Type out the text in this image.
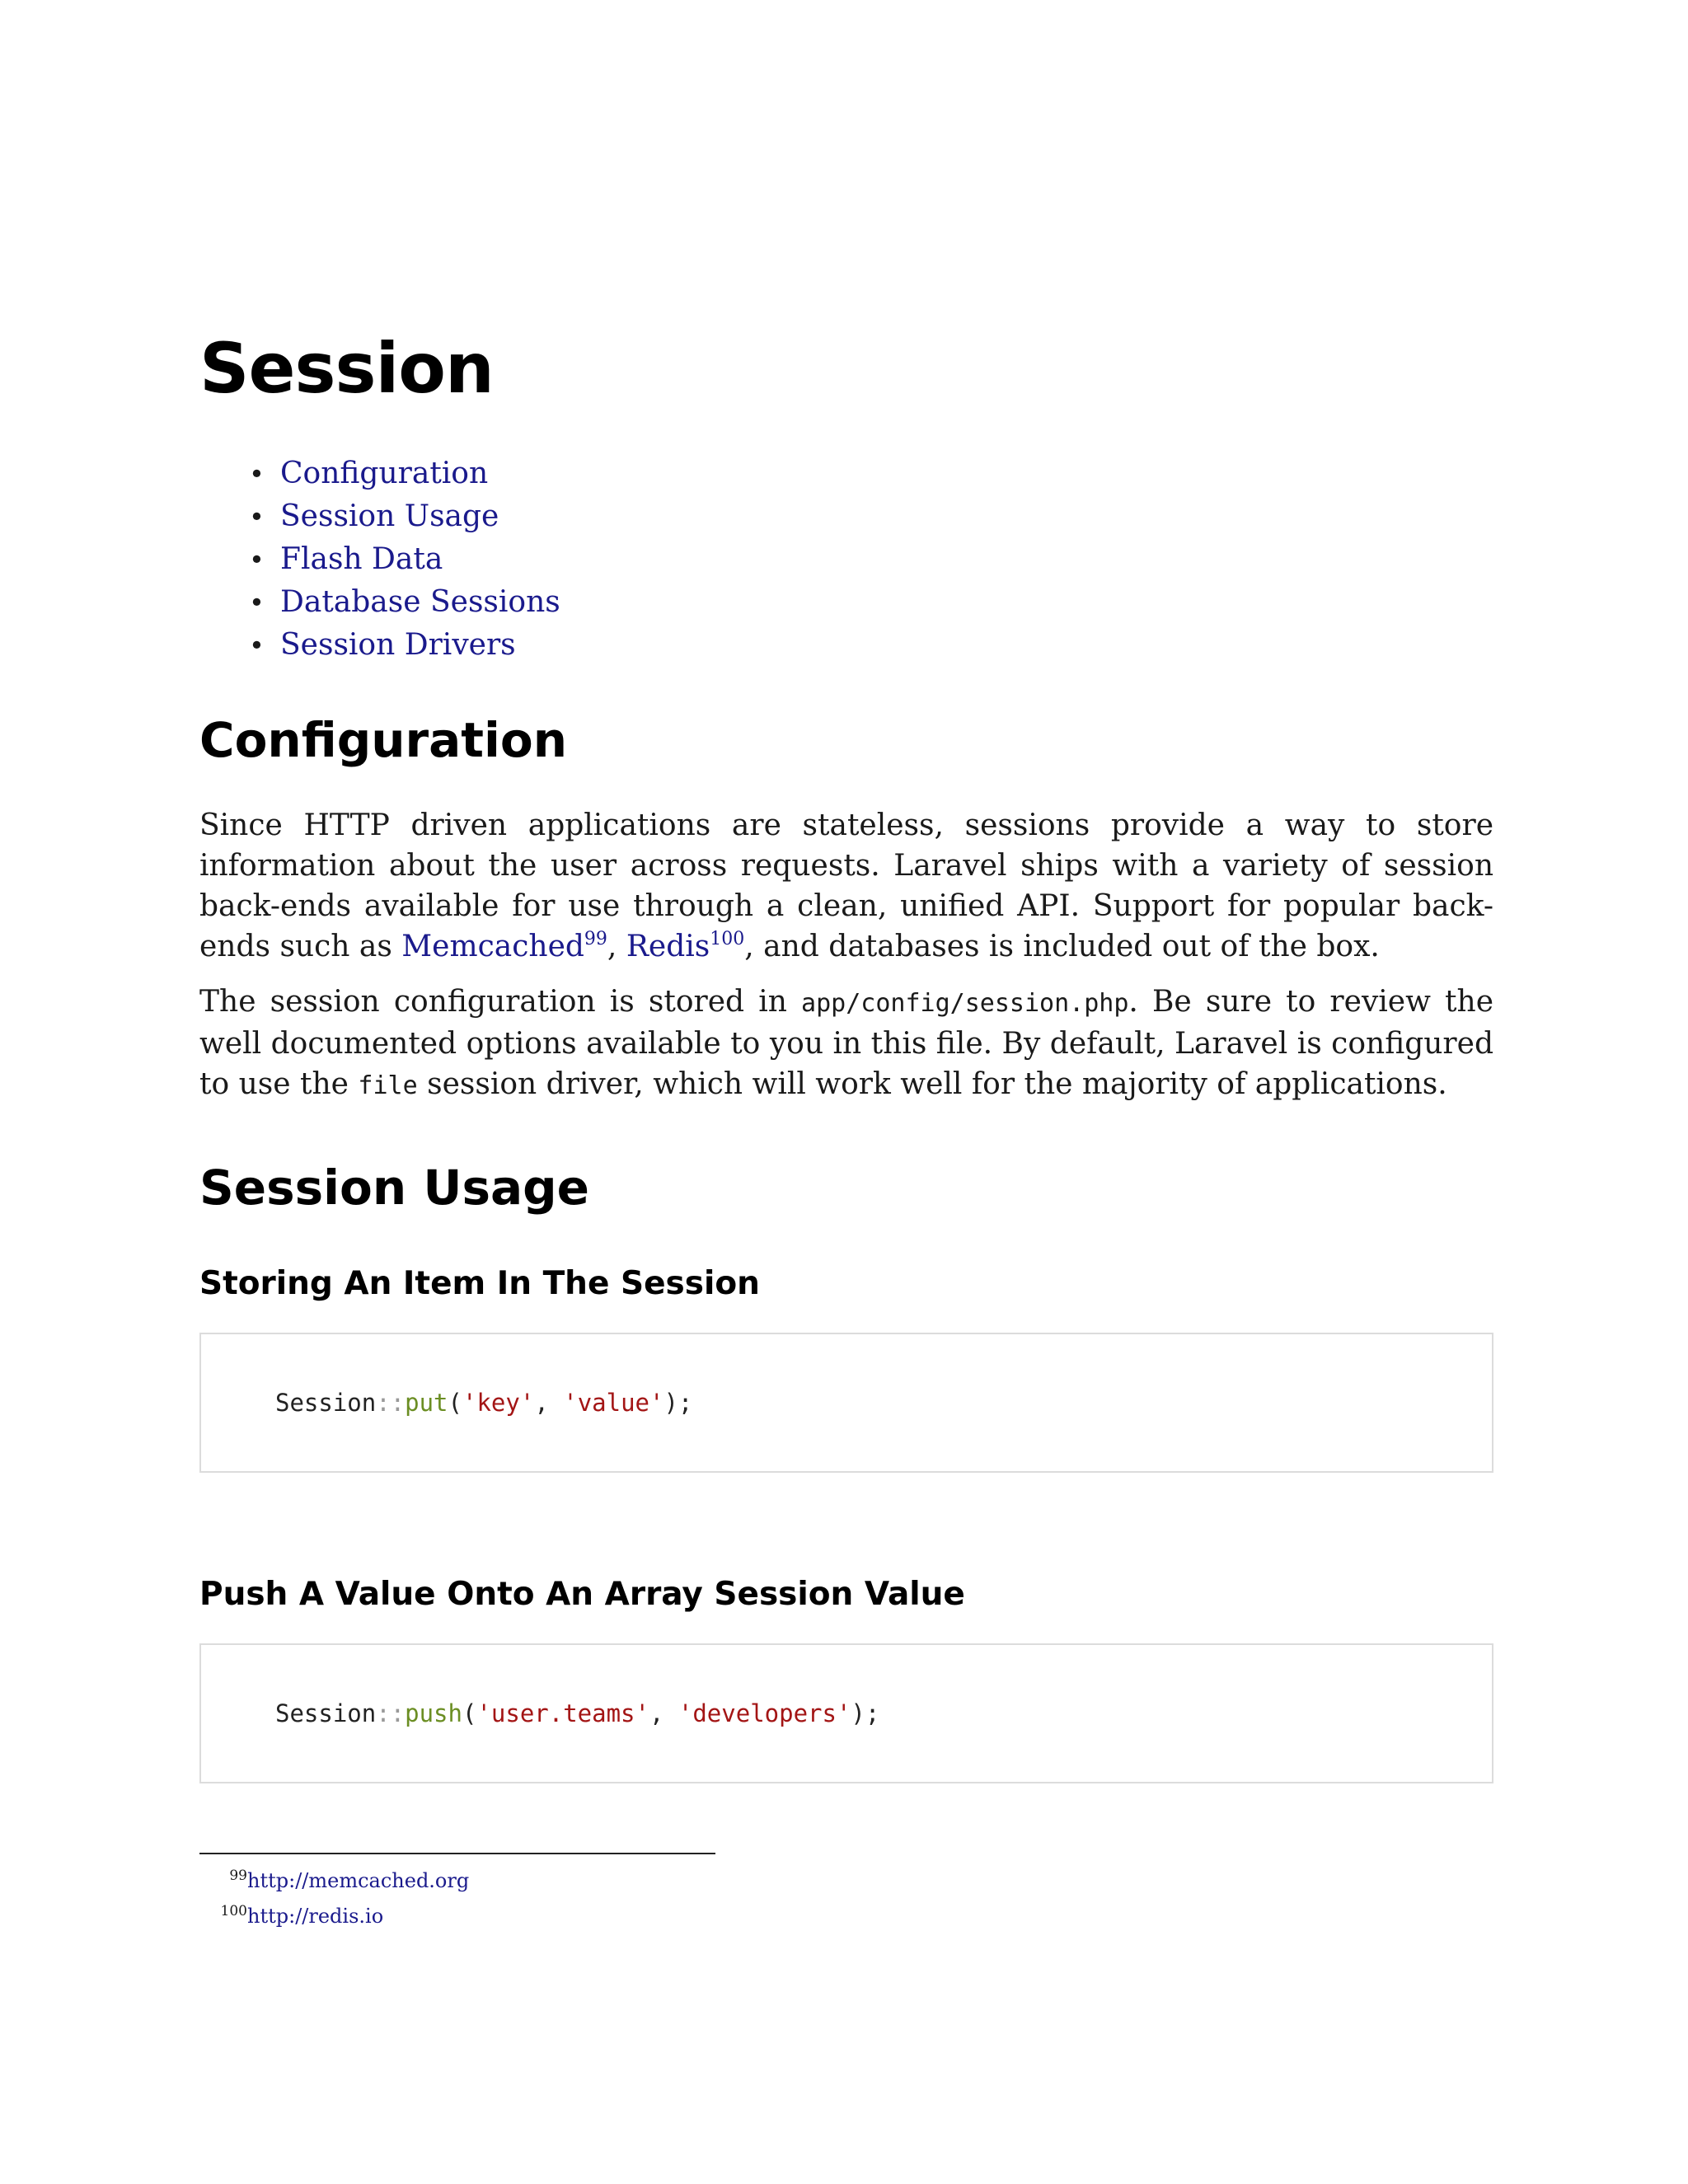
Session
• Configuration
• Session Usage
• Flash Data
• Database Sessions
• Session Drivers
Configuration

Since HTTP driven applications are stateless, sessions provide a way to store information about the user across requests. Laravel ships with a variety of session back-ends available for use through a clean, unified API. Support for popular back-ends such as Memcached$^{99}$, Redis$^{100}$, and databases is included out of the box.

The session configuration is stored in app/config/session.php. Be sure to review the well documented options available to you in this file. By default, Laravel is configured to use the file session driver, which will work well for the majority of applications.

Session Usage
Storing An Item In The Session
Session::put('key', 'value');
Push A Value Onto An Array Session Value
Session::push('user.teams', 'developers');
99http://memcached.org
100http://redis.io
